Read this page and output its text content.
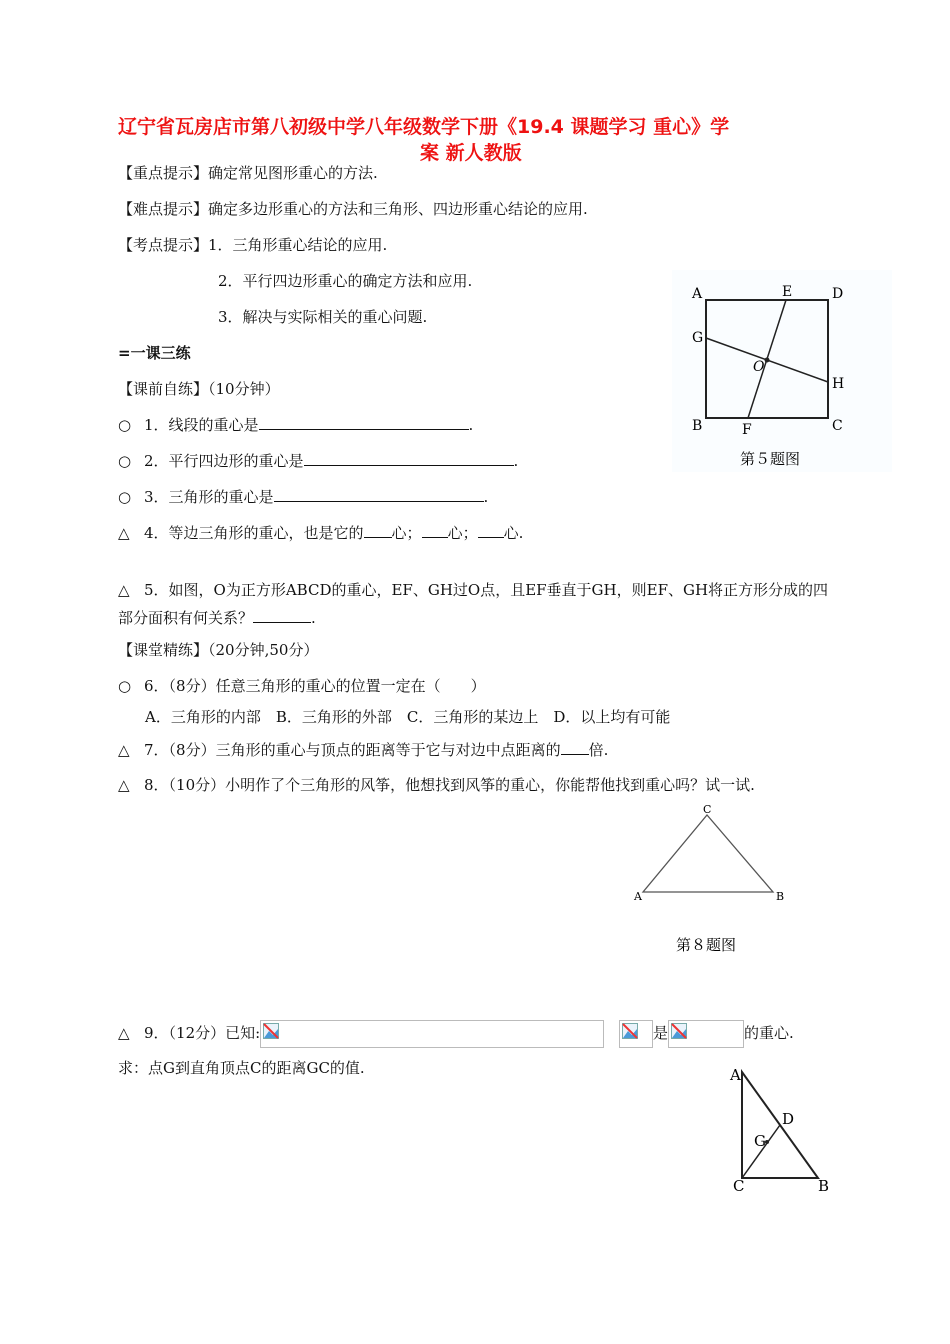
辽宁省瓦房店市第八初级中学八年级数学下册《19.4 课题学习 重心》学
案 新人教版
【重点提示】确定常见图形重心的方法.
【难点提示】确定多边形重心的方法和三角形、四边形重心结论的应用.
【考点提示】1．三角形重心结论的应用.
2．平行四边形重心的确定方法和应用.
3．解决与实际相关的重心问题.
=一课三练
【课前自练】（10分钟）
○ 1．线段的重心是	.
○ 2．平行四边形的重心是	.
○ 3．三角形的重心是	.
△ 4．等边三角形的重心，也是它的 心； 心； 心.
△ 5．如图，O为正方形ABCD的重心，EF、GH过O点，且EF垂直于GH，则EF、GH将正方形分成的四
部分面积有何关系？	.
A	E	D
G
O
H
B	F	C
第５题图
【课堂精练】（20分钟,50分）
○ 6．（8分）任意三角形的重心的位置一定在（　　）
A．三角形的内部　B．三角形的外部　C．三角形的某边上　D．以上均有可能
△ 7．（8分）三角形的重心与顶点的距离等于它与对边中点距离的 倍.
△ 8．（10分）小明作了个三角形的风筝，他想找到风筝的重心，你能帮他找到重心吗？试一试.
C
A	B
第８题图
△ 9．（12分）已知:
	是	的重心.
求：点G到直角顶点C的距离GC的值.	A
D
G
C	B
